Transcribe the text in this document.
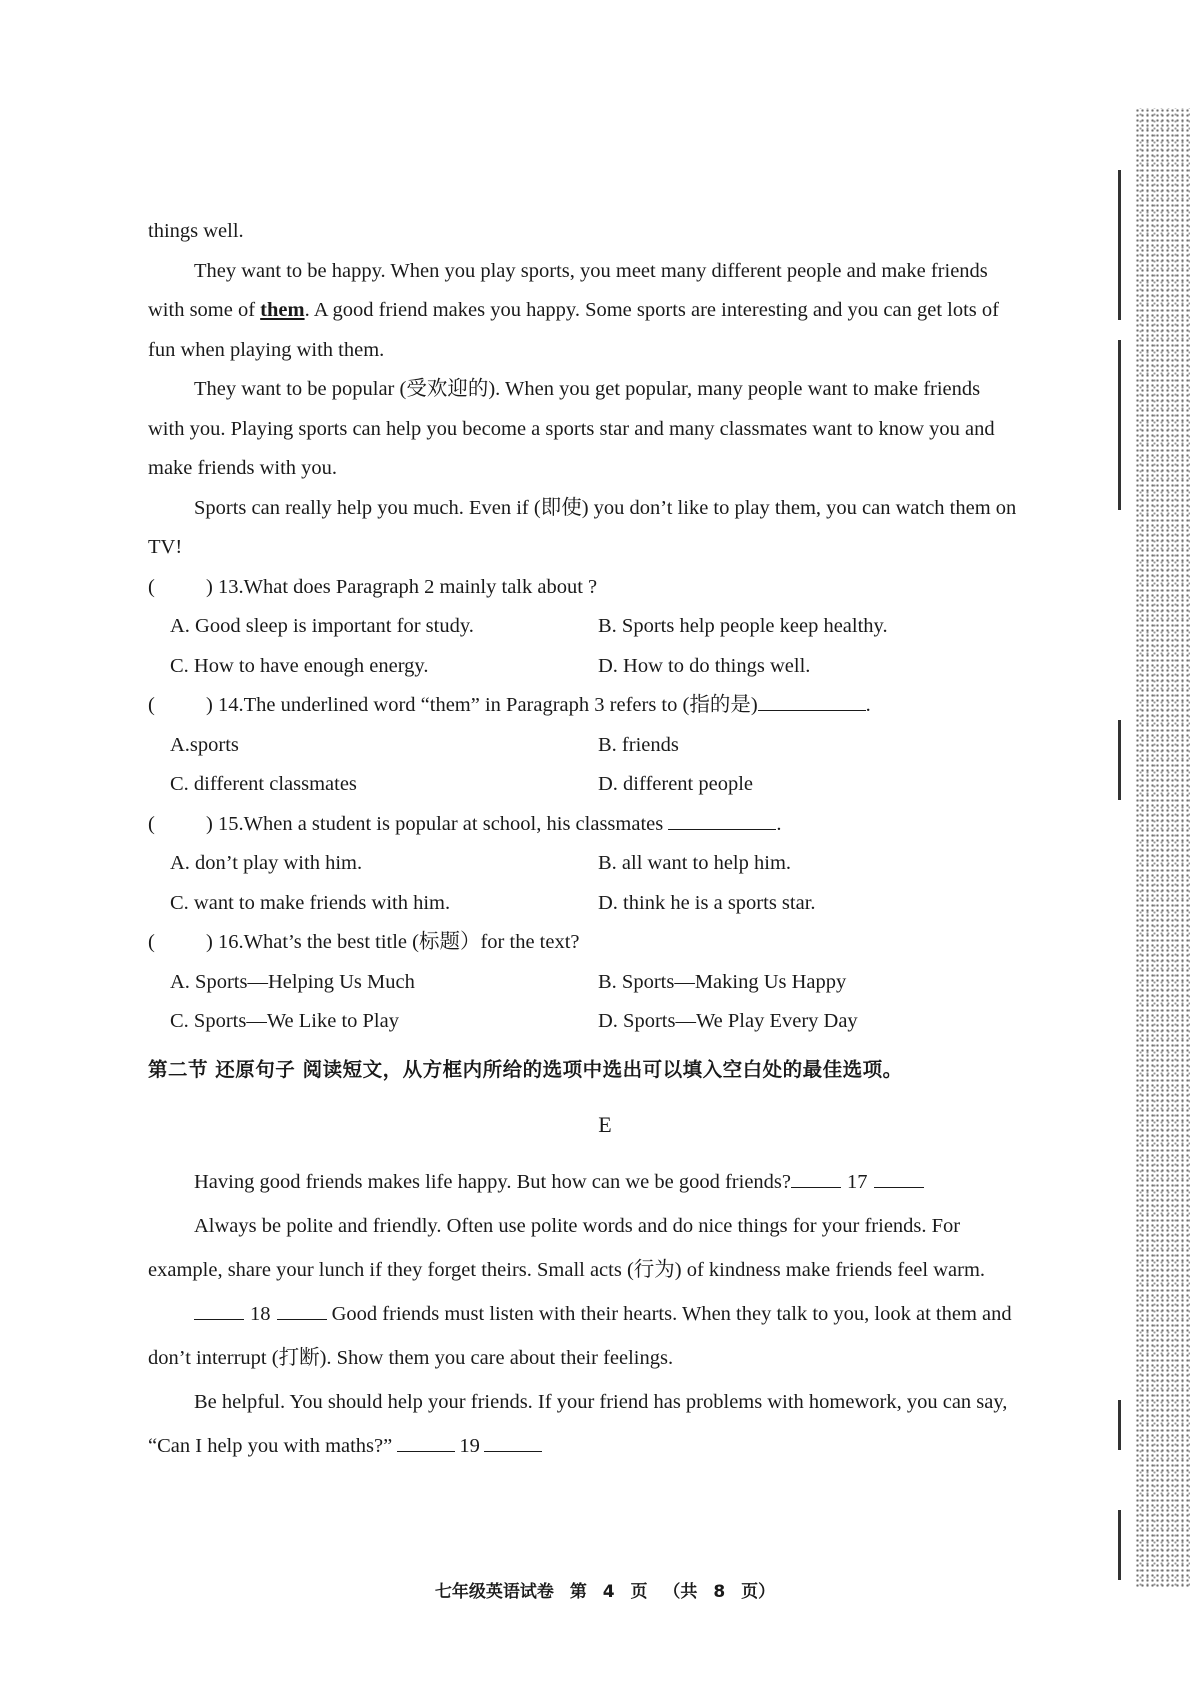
things well.

They want to be happy. When you play sports, you meet many different people and make friends with some of them. A good friend makes you happy. Some sports are interesting and you can get lots of fun when playing with them.

They want to be popular (受欢迎的). When you get popular, many people want to make friends with you. Playing sports can help you become a sports star and many classmates want to know you and make friends with you.

Sports can really help you much. Even if (即使) you don’t like to play them, you can watch them on TV!

( ) 13.What does Paragraph 2 mainly talk about ?
A. Good sleep is important for study.	B. Sports help people keep healthy.
C. How to have enough energy.	D. How to do things well.
( ) 14.The underlined word “them” in Paragraph 3 refers to (指的是)	.
A.sports	B. friends
C. different classmates	D. different people
( ) 15.When a student is popular at school, his classmates	.
A. don’t play with him.	B. all want to help him.
C. want to make friends with him.	D. think he is a sports star.
( ) 16.What’s the best title (标题）for the text?
A. Sports—Helping Us Much	B. Sports—Making Us Happy
C. Sports—We Like to Play	D. Sports—We Play Every Day
第二节 还原句子 阅读短文，从方框内所给的选项中选出可以填入空白处的最佳选项。
E

Having good friends makes life happy. But how can we be good friends?	17

Always be polite and friendly. Often use polite words and do nice things for your friends. For example, share your lunch if they forget theirs. Small acts (行为) of kindness make friends feel warm.

18	Good friends must listen with their hearts. When they talk to you, look at them and don’t interrupt (打断). Show them you care about their feelings.

Be helpful. You should help your friends. If your friend has problems with homework, you can say, “Can I help you with maths?”	19

七年级英语试卷 第 4 页 （共 8 页）
